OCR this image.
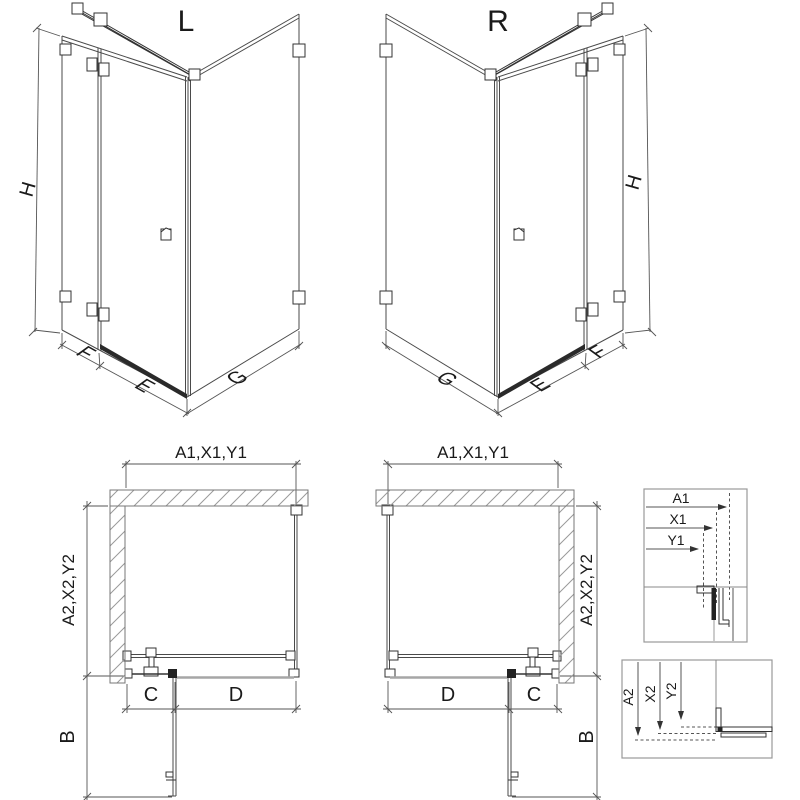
L	R
H
F
E	G
H
G	E
F
A1,X1,Y1
A2,X2,Y2
C	D
B
A1,X1,Y1
A2,X2,Y2
D	C
B
A1
X1
Y1
A2 X2 Y2
